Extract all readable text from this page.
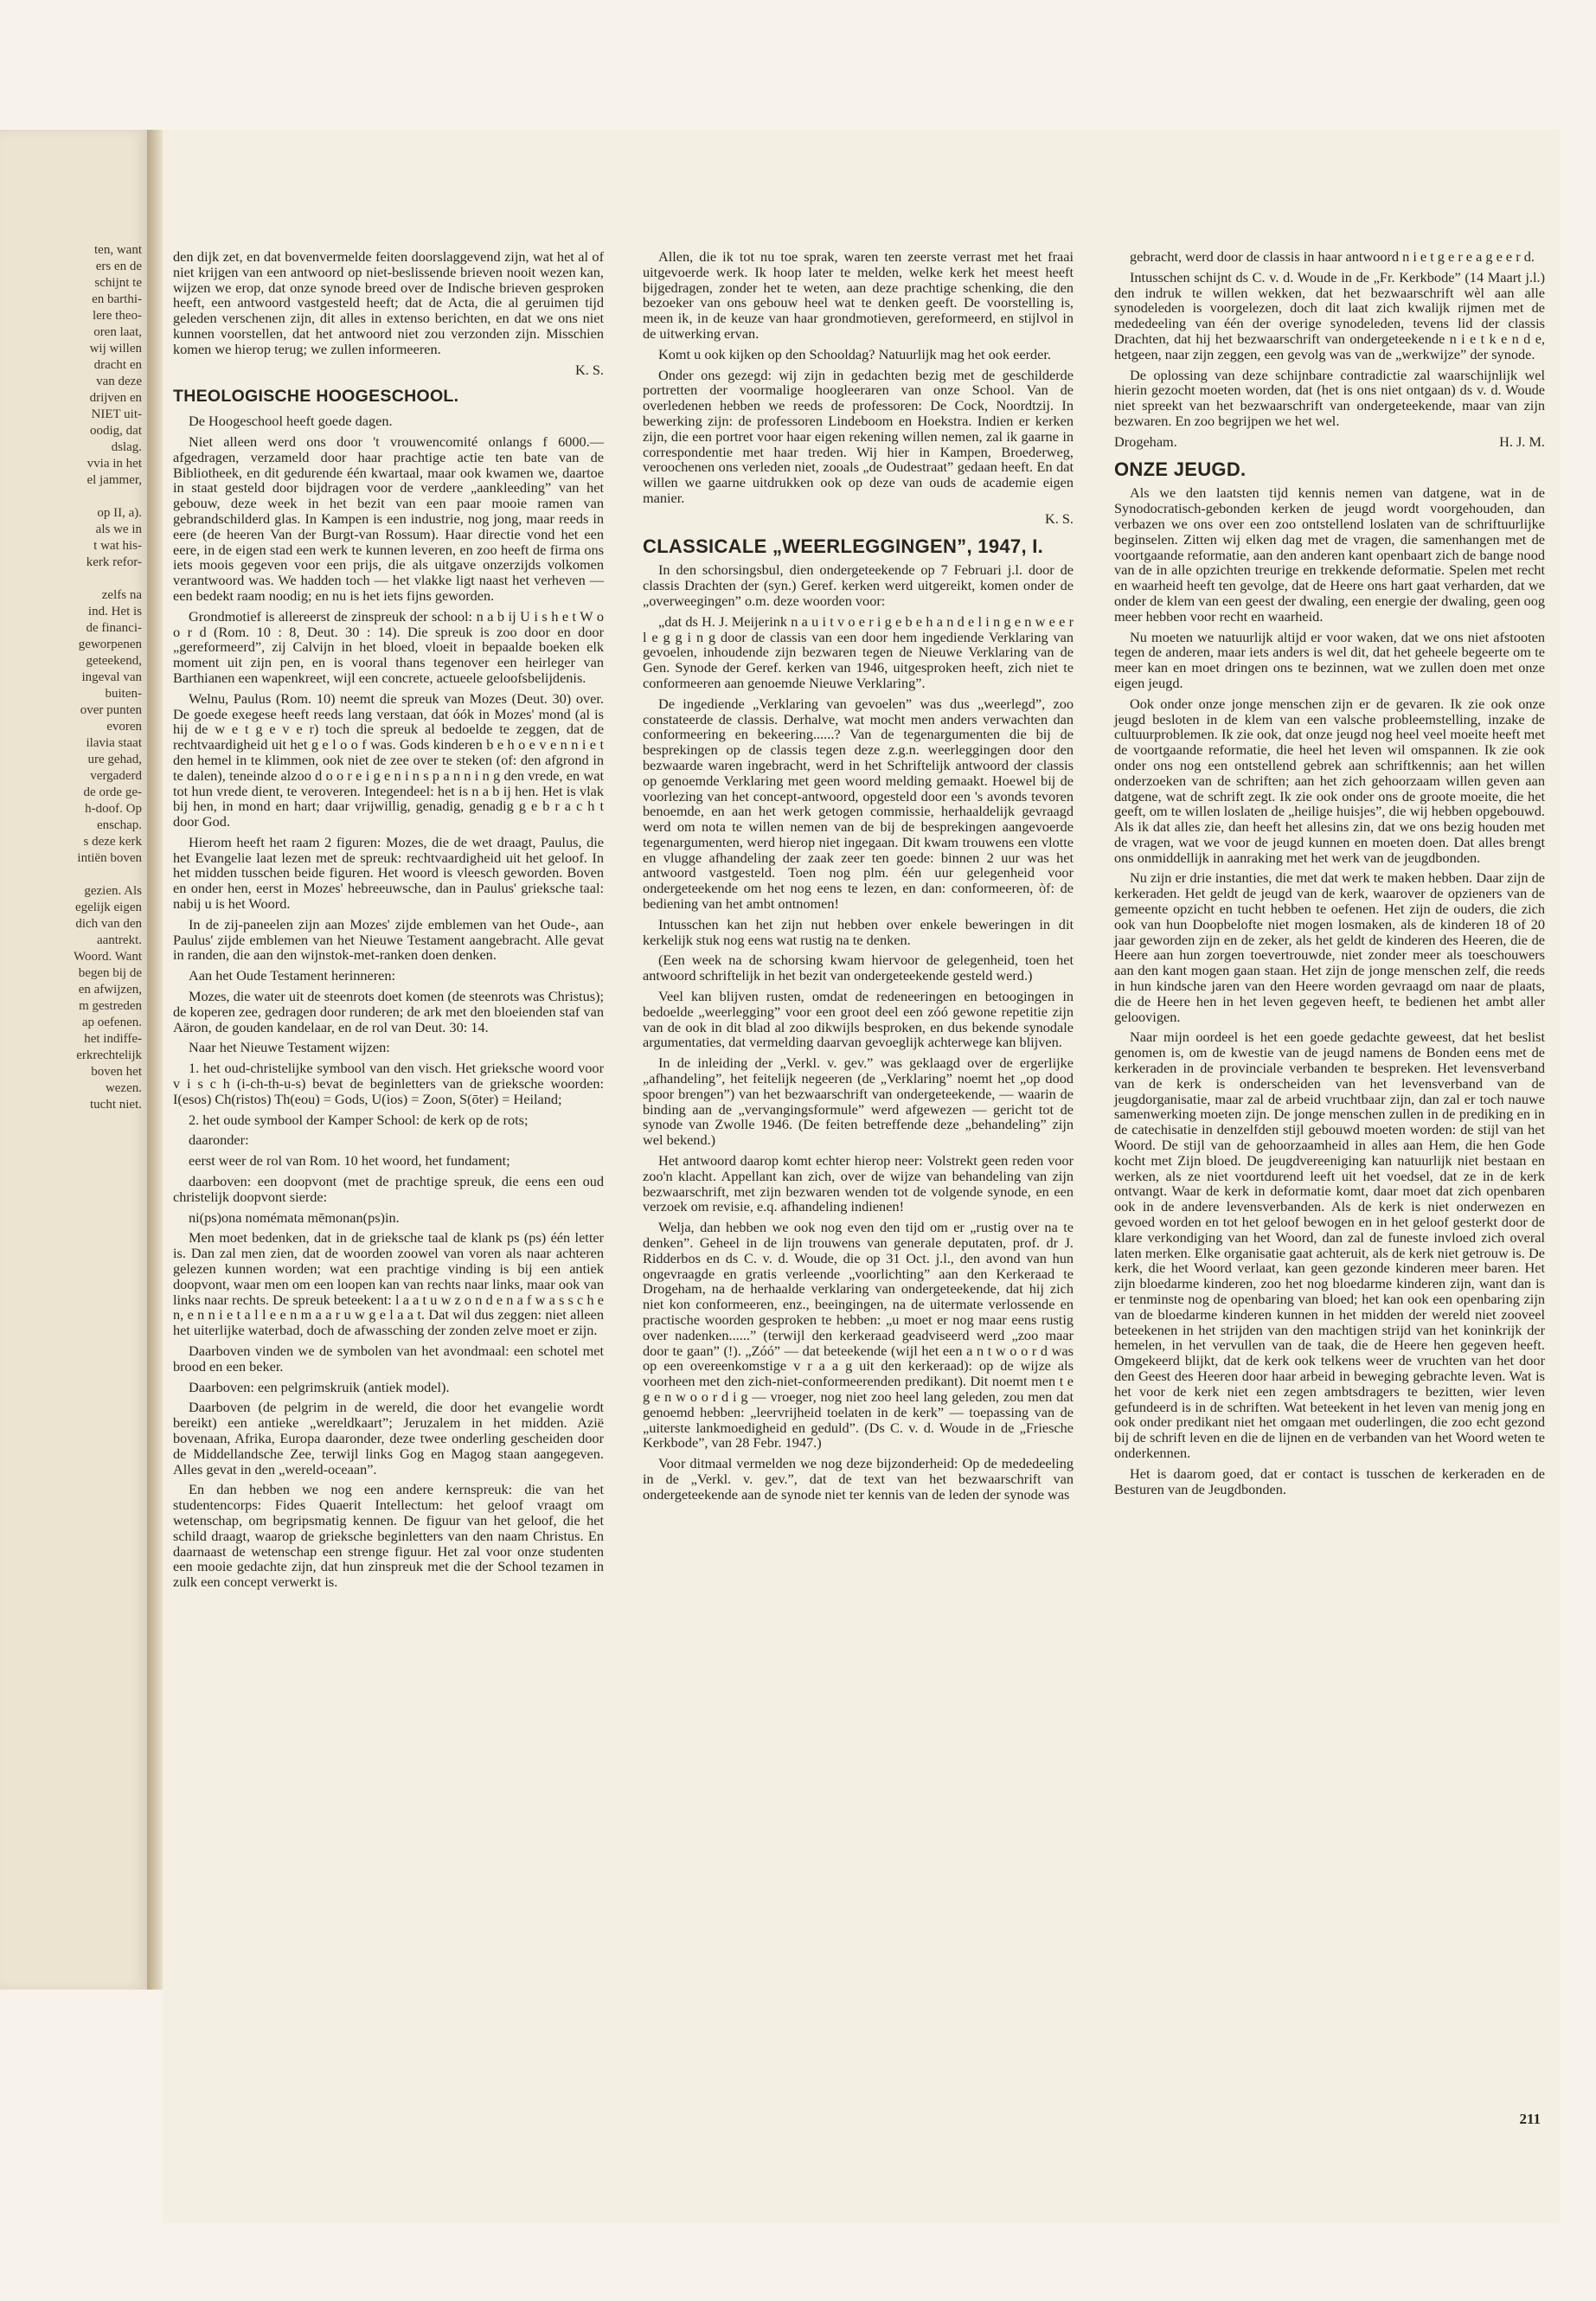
ten, want
ers en de
schijnt te
en barthi-
lere theo-
oren laat,
wij willen
dracht en
van deze
drijven en
NIET uit-
oodig, dat
dslag.
vvia in het
el jammer,

op II, a).
als we in
t wat his-
kerk refor-

zelfs na
ind. Het is
de financi-
geworpenen
geteekend,
ingeval van
buiten-
over punten
evoren
ilavia staat
ure gehad,
vergaderd
de orde ge-
h-doof. Op
enschap.
s deze kerk
intiën boven

gezien. Als
egelijk eigen
dich van den
aantrekt.
Woord. Want
begen bij de
en afwijzen,
m gestreden
ap oefenen.
het indiffe-
erkrechtelijk
boven het
wezen.
tucht niet.

den dijk zet, en dat bovenvermelde feiten doorslaggevend zijn, wat het al of niet krijgen van een antwoord op niet-beslissende brieven nooit wezen kan, wijzen we erop, dat onze synode breed over de Indische brieven gesproken heeft, een antwoord vastgesteld heeft; dat de Acta, die al geruimen tijd geleden verschenen zijn, dit alles in extenso berichten, en dat we ons niet kunnen voorstellen, dat het antwoord niet zou verzonden zijn. Misschien komen we hierop terug; we zullen informeeren.

K. S.

THEOLOGISCHE HOOGESCHOOL.

De Hoogeschool heeft goede dagen.

Niet alleen werd ons door 't vrouwencomité onlangs f 6000.— afgedragen, verzameld door haar prachtige actie ten bate van de Bibliotheek, en dit gedurende één kwartaal, maar ook kwamen we, daartoe in staat gesteld door bijdragen voor de verdere „aankleeding” van het gebouw, deze week in het bezit van een paar mooie ramen van gebrandschilderd glas. In Kampen is een industrie, nog jong, maar reeds in eere (de heeren Van der Burgt-van Rossum). Haar directie vond het een eere, in de eigen stad een werk te kunnen leveren, en zoo heeft de firma ons iets moois gegeven voor een prijs, die als uitgave onzerzijds volkomen verantwoord was. We hadden toch — het vlakke ligt naast het verheven — een bedekt raam noodig; en nu is het iets fijns geworden.

Grondmotief is allereerst de zinspreuk der school: n a b ij U i s h e t W o o r d (Rom. 10 : 8, Deut. 30 : 14). Die spreuk is zoo door en door „gereformeerd”, zij Calvijn in het bloed, vloeit in bepaalde boeken elk moment uit zijn pen, en is vooral thans tegenover een heirleger van Barthianen een wapenkreet, wijl een concrete, actueele geloofsbelijdenis.

Welnu, Paulus (Rom. 10) neemt die spreuk van Mozes (Deut. 30) over. De goede exegese heeft reeds lang verstaan, dat óók in Mozes' mond (al is hij de w e t g e v e r) toch die spreuk al bedoelde te zeggen, dat de rechtvaardigheid uit het g e l o o f was. Gods kinderen b e h o e v e n n i e t den hemel in te klimmen, ook niet de zee over te steken (of: den afgrond in te dalen), teneinde alzoo d o o r e i g e n i n s p a n n i n g den vrede, en wat tot hun vrede dient, te veroveren. Integendeel: het is n a b ij hen. Het is vlak bij hen, in mond en hart; daar vrijwillig, genadig, genadig g e b r a c h t door God.

Hierom heeft het raam 2 figuren: Mozes, die de wet draagt, Paulus, die het Evangelie laat lezen met de spreuk: rechtvaardigheid uit het geloof. In het midden tusschen beide figuren. Het woord is vleesch geworden. Boven en onder hen, eerst in Mozes' hebreeuwsche, dan in Paulus' grieksche taal: nabij u is het Woord.

In de zij-paneelen zijn aan Mozes' zijde emblemen van het Oude-, aan Paulus' zijde emblemen van het Nieuwe Testament aangebracht. Alle gevat in randen, die aan den wijnstok-met-ranken doen denken.

Aan het Oude Testament herinneren:

Mozes, die water uit de steenrots doet komen (de steenrots was Christus); de koperen zee, gedragen door runderen; de ark met den bloeienden staf van Aäron, de gouden kandelaar, en de rol van Deut. 30: 14.

Naar het Nieuwe Testament wijzen:

1. het oud-christelijke symbool van den visch. Het grieksche woord voor v i s c h (i-ch-th-u-s) bevat de beginletters van de grieksche woorden: I(esos) Ch(ristos) Th(eou) = Gods, U(ios) = Zoon, S(ōter) = Heiland;

2. het oude symbool der Kamper School: de kerk op de rots;

daaronder:

eerst weer de rol van Rom. 10 het woord, het fundament;

daarboven: een doopvont (met de prachtige spreuk, die eens een oud christelijk doopvont sierde:

ni(ps)ona nomémata mēmonan(ps)in.

Men moet bedenken, dat in de grieksche taal de klank ps (ps) één letter is. Dan zal men zien, dat de woorden zoowel van voren als naar achteren gelezen kunnen worden; wat een prachtige vinding is bij een antiek doopvont, waar men om een loopen kan van rechts naar links, maar ook van links naar rechts. De spreuk beteekent: l a a t u w z o n d e n a f w a s s c h e n, e n n i e t a l l e e n m a a r u w g e l a a t. Dat wil dus zeggen: niet alleen het uiterlijke waterbad, doch de afwassching der zonden zelve moet er zijn.

Daarboven vinden we de symbolen van het avondmaal: een schotel met brood en een beker.

Daarboven: een pelgrimskruik (antiek model).

Daarboven (de pelgrim in de wereld, die door het evangelie wordt bereikt) een antieke „wereldkaart”; Jeruzalem in het midden. Azië bovenaan, Afrika, Europa daaronder, deze twee onderling gescheiden door de Middellandsche Zee, terwijl links Gog en Magog staan aangegeven. Alles gevat in den „wereld-oceaan”.

En dan hebben we nog een andere kernspreuk: die van het studentencorps: Fides Quaerit Intellectum: het geloof vraagt om wetenschap, om begripsmatig kennen. De figuur van het geloof, die het schild draagt, waarop de grieksche beginletters van den naam Christus. En daarnaast de wetenschap een strenge figuur. Het zal voor onze studenten een mooie gedachte zijn, dat hun zinspreuk met die der School tezamen in zulk een concept verwerkt is.

Allen, die ik tot nu toe sprak, waren ten zeerste verrast met het fraai uitgevoerde werk. Ik hoop later te melden, welke kerk het meest heeft bijgedragen, zonder het te weten, aan deze prachtige schenking, die den bezoeker van ons gebouw heel wat te denken geeft. De voorstelling is, meen ik, in de keuze van haar grondmotieven, gereformeerd, en stijlvol in de uitwerking ervan.

Komt u ook kijken op den Schooldag? Natuurlijk mag het ook eerder.

Onder ons gezegd: wij zijn in gedachten bezig met de geschilderde portretten der voormalige hoogleeraren van onze School. Van de overledenen hebben we reeds de professoren: De Cock, Noordtzij. In bewerking zijn: de professoren Lindeboom en Hoekstra. Indien er kerken zijn, die een portret voor haar eigen rekening willen nemen, zal ik gaarne in correspondentie met haar treden. Wij hier in Kampen, Broederweg, veroochenen ons verleden niet, zooals „de Oudestraat” gedaan heeft. En dat willen we gaarne uitdrukken ook op deze van ouds de academie eigen manier.

K. S.

CLASSICALE „WEERLEGGINGEN”, 1947, I.

In den schorsingsbul, dien ondergeteekende op 7 Februari j.l. door de classis Drachten der (syn.) Geref. kerken werd uitgereikt, komen onder de „overweegingen” o.m. deze woorden voor:

„dat ds H. J. Meijerink n a u i t v o e r i g e b e h a n d e l i n g e n w e e r l e g g i n g door de classis van een door hem ingediende Verklaring van gevoelen, inhoudende zijn bezwaren tegen de Nieuwe Verklaring van de Gen. Synode der Geref. kerken van 1946, uitgesproken heeft, zich niet te conformeeren aan genoemde Nieuwe Verklaring”.

De ingediende „Verklaring van gevoelen” was dus „weerlegd”, zoo constateerde de classis. Derhalve, wat mocht men anders verwachten dan conformeering en bekeering......? Van de tegenargumenten die bij de besprekingen op de classis tegen deze z.g.n. weerleggingen door den bezwaarde waren ingebracht, werd in het Schriftelijk antwoord der classis op genoemde Verklaring met geen woord melding gemaakt. Hoewel bij de voorlezing van het concept-antwoord, opgesteld door een 's avonds tevoren benoemde, en aan het werk getogen commissie, herhaaldelijk gevraagd werd om nota te willen nemen van de bij de besprekingen aangevoerde tegenargumenten, werd hierop niet ingegaan. Dit kwam trouwens een vlotte en vlugge afhandeling der zaak zeer ten goede: binnen 2 uur was het antwoord vastgesteld. Toen nog plm. één uur gelegenheid voor ondergeteekende om het nog eens te lezen, en dan: conformeeren, òf: de bediening van het ambt ontnomen!

Intusschen kan het zijn nut hebben over enkele beweringen in dit kerkelijk stuk nog eens wat rustig na te denken.

(Een week na de schorsing kwam hiervoor de gelegenheid, toen het antwoord schriftelijk in het bezit van ondergeteekende gesteld werd.)

Veel kan blijven rusten, omdat de redeneeringen en betoogingen in bedoelde „weerlegging” voor een groot deel een zóó gewone repetitie zijn van de ook in dit blad al zoo dikwijls besproken, en dus bekende synodale argumentaties, dat vermelding daarvan gevoeglijk achterwege kan blijven.

In de inleiding der „Verkl. v. gev.” was geklaagd over de ergerlijke „afhandeling”, het feitelijk negeeren (de „Verklaring” noemt het „op dood spoor brengen”) van het bezwaarschrift van ondergeteekende, — waarin de binding aan de „vervangingsformule” werd afgewezen — gericht tot de synode van Zwolle 1946. (De feiten betreffende deze „behandeling” zijn wel bekend.)

Het antwoord daarop komt echter hierop neer: Volstrekt geen reden voor zoo'n klacht. Appellant kan zich, over de wijze van behandeling van zijn bezwaarschrift, met zijn bezwaren wenden tot de volgende synode, en een verzoek om revisie, e.q. afhandeling indienen!

Welja, dan hebben we ook nog even den tijd om er „rustig over na te denken”. Geheel in de lijn trouwens van generale deputaten, prof. dr J. Ridderbos en ds C. v. d. Woude, die op 31 Oct. j.l., den avond van hun ongevraagde en gratis verleende „voorlichting” aan den Kerkeraad te Drogeham, na de herhaalde verklaring van ondergeteekende, dat hij zich niet kon conformeeren, enz., beeingingen, na de uitermate verlossende en practische woorden gesproken te hebben: „u moet er nog maar eens rustig over nadenken......” (terwijl den kerkeraad geadviseerd werd „zoo maar door te gaan” (!). „Zóó” — dat beteekende (wijl het een a n t w o o r d was op een overeenkomstige v r a a g uit den kerkeraad): op de wijze als voorheen met den zich-niet-conformeerenden predikant). Dit noemt men t e g e n w o o r d i g — vroeger, nog niet zoo heel lang geleden, zou men dat genoemd hebben: „leervrijheid toelaten in de kerk” — toepassing van de „uiterste lankmoedigheid en geduld”. (Ds C. v. d. Woude in de „Friesche Kerkbode”, van 28 Febr. 1947.)

Voor ditmaal vermelden we nog deze bijzonderheid: Op de mededeeling in de „Verkl. v. gev.”, dat de text van het bezwaarschrift van ondergeteekende aan de synode niet ter kennis van de leden der synode was

gebracht, werd door de classis in haar antwoord n i e t g e r e a g e e r d.

Intusschen schijnt ds C. v. d. Woude in de „Fr. Kerkbode” (14 Maart j.l.) den indruk te willen wekken, dat het bezwaarschrift wèl aan alle synodeleden is voorgelezen, doch dit laat zich kwalijk rijmen met de mededeeling van één der overige synodeleden, tevens lid der classis Drachten, dat hij het bezwaarschrift van ondergeteekende n i e t k e n d e, hetgeen, naar zijn zeggen, een gevolg was van de „werkwijze” der synode.

De oplossing van deze schijnbare contradictie zal waarschijnlijk wel hierin gezocht moeten worden, dat (het is ons niet ontgaan) ds v. d. Woude niet spreekt van het bezwaarschrift van ondergeteekende, maar van zijn bezwaren. En zoo begrijpen we het wel.

Drogeham.	H. J. M.

ONZE JEUGD.

Als we den laatsten tijd kennis nemen van datgene, wat in de Synodocratisch-gebonden kerken de jeugd wordt voorgehouden, dan verbazen we ons over een zoo ontstellend loslaten van de schriftuurlijke beginselen. Zitten wij elken dag met de vragen, die samenhangen met de voortgaande reformatie, aan den anderen kant openbaart zich de bange nood van de in alle opzichten treurige en trekkende deformatie. Spelen met recht en waarheid heeft ten gevolge, dat de Heere ons hart gaat verharden, dat we onder de klem van een geest der dwaling, een energie der dwaling, geen oog meer hebben voor recht en waarheid.

Nu moeten we natuurlijk altijd er voor waken, dat we ons niet afstooten tegen de anderen, maar iets anders is wel dit, dat het geheele begeerte om te meer kan en moet dringen ons te bezinnen, wat we zullen doen met onze eigen jeugd.

Ook onder onze jonge menschen zijn er de gevaren. Ik zie ook onze jeugd besloten in de klem van een valsche probleemstelling, inzake de cultuurproblemen. Ik zie ook, dat onze jeugd nog heel veel moeite heeft met de voortgaande reformatie, die heel het leven wil omspannen. Ik zie ook onder ons nog een ontstellend gebrek aan schriftkennis; aan het willen onderzoeken van de schriften; aan het zich gehoorzaam willen geven aan datgene, wat de schrift zegt. Ik zie ook onder ons de groote moeite, die het geeft, om te willen loslaten de „heilige huisjes”, die wij hebben opgebouwd. Als ik dat alles zie, dan heeft het allesins zin, dat we ons bezig houden met de vragen, wat we voor de jeugd kunnen en moeten doen. Dat alles brengt ons onmiddellijk in aanraking met het werk van de jeugdbonden.

Nu zijn er drie instanties, die met dat werk te maken hebben. Daar zijn de kerkeraden. Het geldt de jeugd van de kerk, waarover de opzieners van de gemeente opzicht en tucht hebben te oefenen. Het zijn de ouders, die zich ook van hun Doopbelofte niet mogen losmaken, als de kinderen 18 of 20 jaar geworden zijn en de zeker, als het geldt de kinderen des Heeren, die de Heere aan hun zorgen toevertrouwde, niet zonder meer als toeschouwers aan den kant mogen gaan staan. Het zijn de jonge menschen zelf, die reeds in hun kindsche jaren van den Heere worden gevraagd om naar de plaats, die de Heere hen in het leven gegeven heeft, te bedienen het ambt aller geloovigen.

Naar mijn oordeel is het een goede gedachte geweest, dat het beslist genomen is, om de kwestie van de jeugd namens de Bonden eens met de kerkeraden in de provinciale verbanden te bespreken. Het levensverband van de kerk is onderscheiden van het levensverband van de jeugdorganisatie, maar zal de arbeid vruchtbaar zijn, dan zal er toch nauwe samenwerking moeten zijn. De jonge menschen zullen in de prediking en in de catechisatie in denzelfden stijl gebouwd moeten worden: de stijl van het Woord. De stijl van de gehoorzaamheid in alles aan Hem, die hen Gode kocht met Zijn bloed. De jeugdvereeniging kan natuurlijk niet bestaan en werken, als ze niet voortdurend leeft uit het voedsel, dat ze in de kerk ontvangt. Waar de kerk in deformatie komt, daar moet dat zich openbaren ook in de andere levensverbanden. Als de kerk is niet onderwezen en gevoed worden en tot het geloof bewogen en in het geloof gesterkt door de klare verkondiging van het Woord, dan zal de funeste invloed zich overal laten merken. Elke organisatie gaat achteruit, als de kerk niet getrouw is. De kerk, die het Woord verlaat, kan geen gezonde kinderen meer baren. Het zijn bloedarme kinderen, zoo het nog bloedarme kinderen zijn, want dan is er tenminste nog de openbaring van bloed; het kan ook een openbaring zijn van de bloedarme kinderen kunnen in het midden der wereld niet zooveel beteekenen in het strijden van den machtigen strijd van het koninkrijk der hemelen, in het vervullen van de taak, die de Heere hen gegeven heeft. Omgekeerd blijkt, dat de kerk ook telkens weer de vruchten van het door den Geest des Heeren door haar arbeid in beweging gebrachte leven. Wat is het voor de kerk niet een zegen ambtsdragers te bezitten, wier leven gefundeerd is in de schriften. Wat beteekent in het leven van menig jong en ook onder predikant niet het omgaan met ouderlingen, die zoo echt gezond bij de schrift leven en die de lijnen en de verbanden van het Woord weten te onderkennen.

Het is daarom goed, dat er contact is tusschen de kerkeraden en de Besturen van de Jeugdbonden.

211
